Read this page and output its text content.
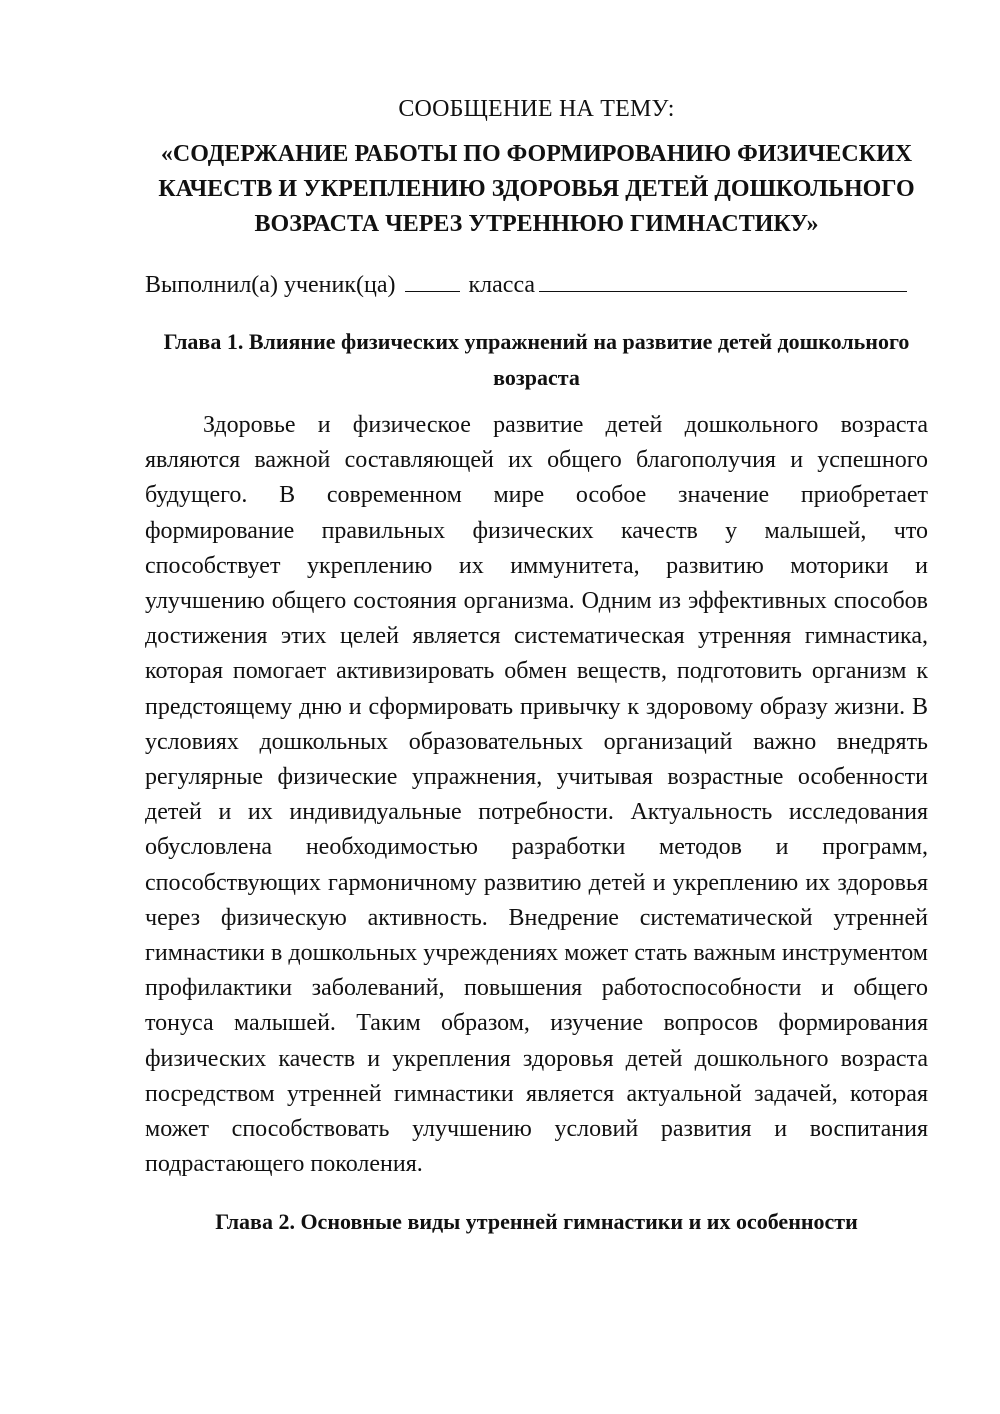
СООБЩЕНИЕ НА ТЕМУ:
«СОДЕРЖАНИЕ РАБОТЫ ПО ФОРМИРОВАНИЮ ФИЗИЧЕСКИХ КАЧЕСТВ И УКРЕПЛЕНИЮ ЗДОРОВЬЯ ДЕТЕЙ ДОШКОЛЬНОГО ВОЗРАСТА ЧЕРЕЗ УТРЕННЮЮ ГИМНАСТИКУ»
Выполнил(а) ученик(ца)	класса
Глава 1. Влияние физических упражнений на развитие детей дошкольного возраста

Здоровье и физическое развитие детей дошкольного возраста являются важной составляющей их общего благополучия и успешного будущего. В современном мире особое значение приобретает формирование правильных физических качеств у малышей, что способствует укреплению их иммунитета, развитию моторики и улучшению общего состояния организма. Одним из эффективных способов достижения этих целей является систематическая утренняя гимнастика, которая помогает активизировать обмен веществ, подготовить организм к предстоящему дню и сформировать привычку к здоровому образу жизни. В условиях дошкольных образовательных организаций важно внедрять регулярные физические упражнения, учитывая возрастные особенности детей и их индивидуальные потребности. Актуальность исследования обусловлена необходимостью разработки методов и программ, способствующих гармоничному развитию детей и укреплению их здоровья через физическую активность. Внедрение систематической утренней гимнастики в дошкольных учреждениях может стать важным инструментом профилактики заболеваний, повышения работоспособности и общего тонуса малышей. Таким образом, изучение вопросов формирования физических качеств и укрепления здоровья детей дошкольного возраста посредством утренней гимнастики является актуальной задачей, которая может способствовать улучшению условий развития и воспитания подрастающего поколения.

Глава 2. Основные виды утренней гимнастики и их особенности
